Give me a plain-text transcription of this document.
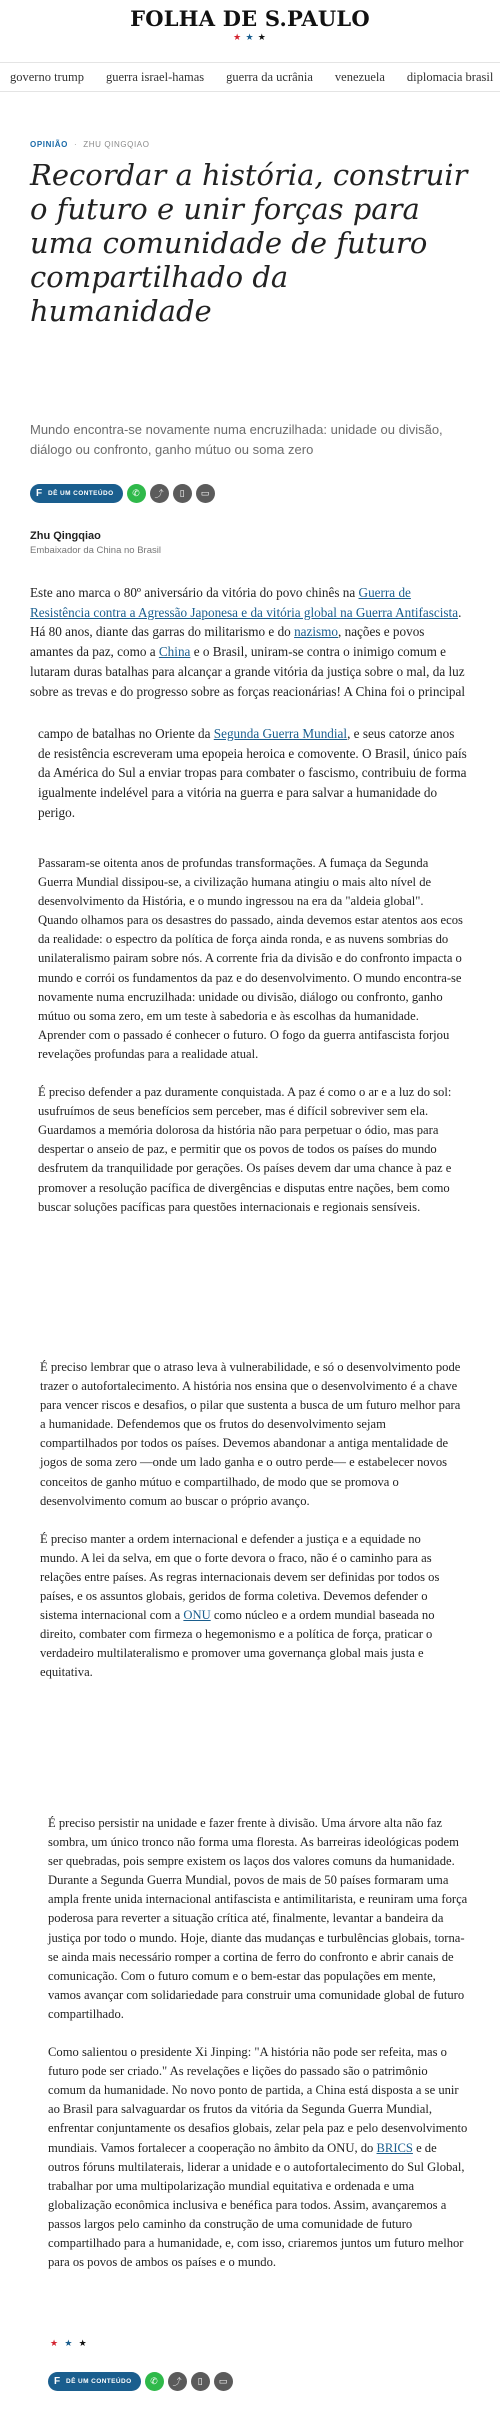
FOLHA DE S.PAULO
★ ★ ★
governo trump guerra israel-hamas guerra da ucrânia venezuela diplomacia brasil
OPINIÃO · ZHU QINGQIAO
Recordar a história, construir o futuro e unir forças para uma comunidade de futuro compartilhado da humanidade

Mundo encontra-se novamente numa encruzilhada: unidade ou divisão, diálogo ou confronto, ganho mútuo ou soma zero

F DÊ UM CONTEÚDO	✆	⤴	▯	▭
Zhu Qingqiao
Embaixador da China no Brasil

Este ano marca o 80º aniversário da vitória do povo chinês na Guerra de Resistência contra a Agressão Japonesa e da vitória global na Guerra Antifascista. Há 80 anos, diante das garras do militarismo e do nazismo, nações e povos amantes da paz, como a China e o Brasil, uniram-se contra o inimigo comum e lutaram duras batalhas para alcançar a grande vitória da justiça sobre o mal, da luz sobre as trevas e do progresso sobre as forças reacionárias! A China foi o principal

campo de batalhas no Oriente da Segunda Guerra Mundial, e seus catorze anos de resistência escreveram uma epopeia heroica e comovente. O Brasil, único país da América do Sul a enviar tropas para combater o fascismo, contribuiu de forma igualmente indelével para a vitória na guerra e para salvar a humanidade do perigo.

Passaram-se oitenta anos de profundas transformações. A fumaça da Segunda Guerra Mundial dissipou-se, a civilização humana atingiu o mais alto nível de desenvolvimento da História, e o mundo ingressou na era da "aldeia global". Quando olhamos para os desastres do passado, ainda devemos estar atentos aos ecos da realidade: o espectro da política de força ainda ronda, e as nuvens sombrias do unilateralismo pairam sobre nós. A corrente fria da divisão e do confronto impacta o mundo e corrói os fundamentos da paz e do desenvolvimento. O mundo encontra-se novamente numa encruzilhada: unidade ou divisão, diálogo ou confronto, ganho mútuo ou soma zero, em um teste à sabedoria e às escolhas da humanidade. Aprender com o passado é conhecer o futuro. O fogo da guerra antifascista forjou revelações profundas para a realidade atual.

É preciso defender a paz duramente conquistada. A paz é como o ar e a luz do sol: usufruímos de seus benefícios sem perceber, mas é difícil sobreviver sem ela. Guardamos a memória dolorosa da história não para perpetuar o ódio, mas para despertar o anseio de paz, e permitir que os povos de todos os países do mundo desfrutem da tranquilidade por gerações. Os países devem dar uma chance à paz e promover a resolução pacífica de divergências e disputas entre nações, bem como buscar soluções pacíficas para questões internacionais e regionais sensíveis.

É preciso lembrar que o atraso leva à vulnerabilidade, e só o desenvolvimento pode trazer o autofortalecimento. A história nos ensina que o desenvolvimento é a chave para vencer riscos e desafios, o pilar que sustenta a busca de um futuro melhor para a humanidade. Defendemos que os frutos do desenvolvimento sejam compartilhados por todos os países. Devemos abandonar a antiga mentalidade de jogos de soma zero —onde um lado ganha e o outro perde— e estabelecer novos conceitos de ganho mútuo e compartilhado, de modo que se promova o desenvolvimento comum ao buscar o próprio avanço.

É preciso manter a ordem internacional e defender a justiça e a equidade no mundo. A lei da selva, em que o forte devora o fraco, não é o caminho para as relações entre países. As regras internacionais devem ser definidas por todos os países, e os assuntos globais, geridos de forma coletiva. Devemos defender o sistema internacional com a ONU como núcleo e a ordem mundial baseada no direito, combater com firmeza o hegemonismo e a política de força, praticar o verdadeiro multilateralismo e promover uma governança global mais justa e equitativa.

É preciso persistir na unidade e fazer frente à divisão. Uma árvore alta não faz sombra, um único tronco não forma uma floresta. As barreiras ideológicas podem ser quebradas, pois sempre existem os laços dos valores comuns da humanidade. Durante a Segunda Guerra Mundial, povos de mais de 50 países formaram uma ampla frente unida internacional antifascista e antimilitarista, e reuniram uma força poderosa para reverter a situação crítica até, finalmente, levantar a bandeira da justiça por todo o mundo. Hoje, diante das mudanças e turbulências globais, torna-se ainda mais necessário romper a cortina de ferro do confronto e abrir canais de comunicação. Com o futuro comum e o bem-estar das populações em mente, vamos avançar com solidariedade para construir uma comunidade global de futuro compartilhado.

Como salientou o presidente Xi Jinping: "A história não pode ser refeita, mas o futuro pode ser criado." As revelações e lições do passado são o patrimônio comum da humanidade. No novo ponto de partida, a China está disposta a se unir ao Brasil para salvaguardar os frutos da vitória da Segunda Guerra Mundial, enfrentar conjuntamente os desafios globais, zelar pela paz e pelo desenvolvimento mundiais. Vamos fortalecer a cooperação no âmbito da ONU, do BRICS e de outros fóruns multilaterais, liderar a unidade e o autofortalecimento do Sul Global, trabalhar por uma multipolarização mundial equitativa e ordenada e uma globalização econômica inclusiva e benéfica para todos. Assim, avançaremos a passos largos pelo caminho da construção de uma comunidade de futuro compartilhado para a humanidade, e, com isso, criaremos juntos um futuro melhor para os povos de ambos os países e o mundo.

★ ★ ★
F DÊ UM CONTEÚDO	✆	⤴	▯	▭
